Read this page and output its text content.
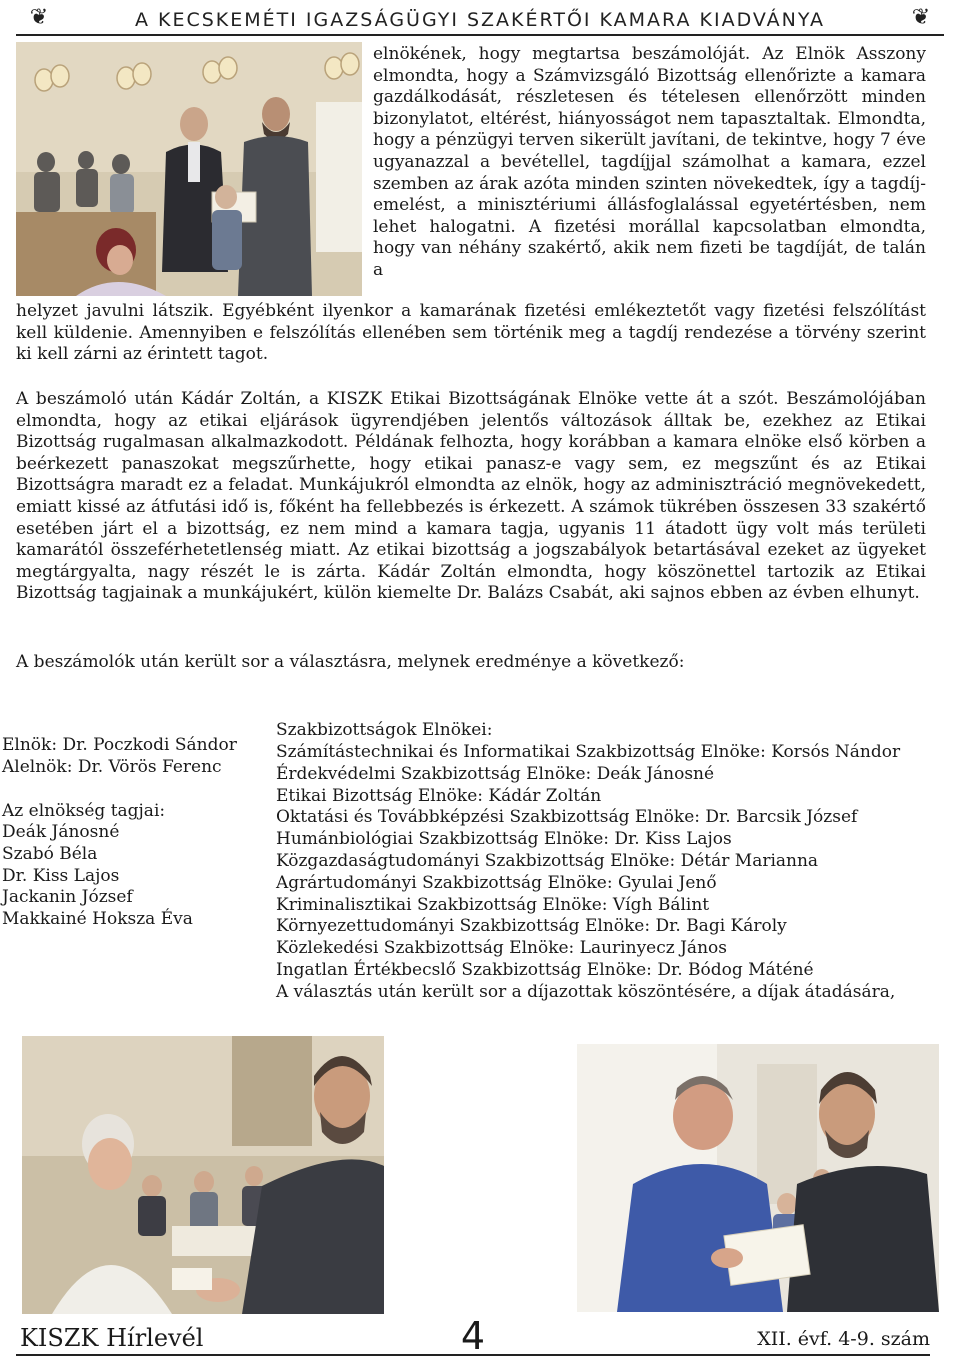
❦	A KECSKEMÉTI IGAZSÁGÜGYI SZAKÉRTŐI KAMARA KIADVÁNYA	❦

elnökének, hogy megtartsa beszámolóját. Az Elnök Asszony elmondta, hogy a Számvizsgáló Bizottság ellenőrizte a kamara gazdálkodását, részletesen és tételesen ellenőrzött minden bizonylatot, eltérést, hiányosságot nem tapasztaltak. Elmondta, hogy a pénzügyi terven sikerült javítani, de tekintve, hogy 7 éve ugyanazzal a bevétellel, tagdíjjal számolhat a kamara, ezzel szemben az árak azóta minden szinten növekedtek, így a tagdíj-emelést, a minisztériumi állásfoglalással egyetértésben, nem lehet halogatni. A fizetési morállal kapcsolatban elmondta, hogy van néhány szakértő, akik nem fizeti be tagdíját, de talán a

helyzet javulni látszik. Egyébként ilyenkor a kamarának fizetési emlékeztetőt vagy fizetési felszólítást kell küldenie. Amennyiben e felszólítás ellenében sem történik meg a tagdíj rendezése a törvény szerint ki kell zárni az érintett tagot.

A beszámoló után Kádár Zoltán, a KISZK Etikai Bizottságának Elnöke vette át a szót. Beszámolójában elmondta, hogy az etikai eljárások ügyrendjében jelentős változások álltak be, ezekhez az Etikai Bizottság rugalmasan alkalmazkodott. Példának felhozta, hogy korábban a kamara elnöke első körben a beérkezett panaszokat megszűrhette, hogy etikai panasz-e vagy sem, ez megszűnt és az Etikai Bizottságra maradt ez a feladat. Munkájukról elmondta az elnök, hogy az adminisztráció megnövekedett, emiatt kissé az átfutási idő is, főként ha fellebbezés is érkezett. A számok tükrében összesen 33 szakértő esetében járt el a bizottság, ez nem mind a kamara tagja, ugyanis 11 átadott ügy volt más területi kamarától összeférhetetlenség miatt. Az etikai bizottság a jogszabályok betartásával ezeket az ügyeket megtárgyalta, nagy részét le is zárta. Kádár Zoltán elmondta, hogy köszönettel tartozik az Etikai Bizottság tagjainak a munkájukért, külön kiemelte Dr. Balázs Csabát, aki sajnos ebben az évben elhunyt.

A beszámolók után került sor a választásra, melynek eredménye a következő:

Elnök: Dr. Poczkodi Sándor

Alelnök: Dr. Vörös Ferenc

Az elnökség tagjai:

Deák Jánosné
Szabó Béla
Dr. Kiss Lajos
Jackanin József
Makkainé Hoksza Éva

Szakbizottságok Elnökei:

Számítástechnikai és Informatikai Szakbizottság Elnöke: Korsós Nándor
Érdekvédelmi Szakbizottság Elnöke: Deák Jánosné
Etikai Bizottság Elnöke: Kádár Zoltán
Oktatási és Továbbképzési Szakbizottság Elnöke: Dr. Barcsik József
Humánbiológiai Szakbizottság Elnöke: Dr. Kiss Lajos
Közgazdaságtudományi Szakbizottság Elnöke: Détár Marianna
Agrártudományi Szakbizottság Elnöke: Gyulai Jenő
Kriminalisztikai Szakbizottság Elnöke: Vígh Bálint
Környezettudományi Szakbizottság Elnöke: Dr. Bagi Károly
Közlekedési Szakbizottság Elnöke: Laurinyecz János
Ingatlan Értékbecslő Szakbizottság Elnöke: Dr. Bódog Máténé
A választás után került sor a díjazottak köszöntésére, a díjak átadására,
KISZK Hírlevél	4	XII. évf. 4-9. szám
